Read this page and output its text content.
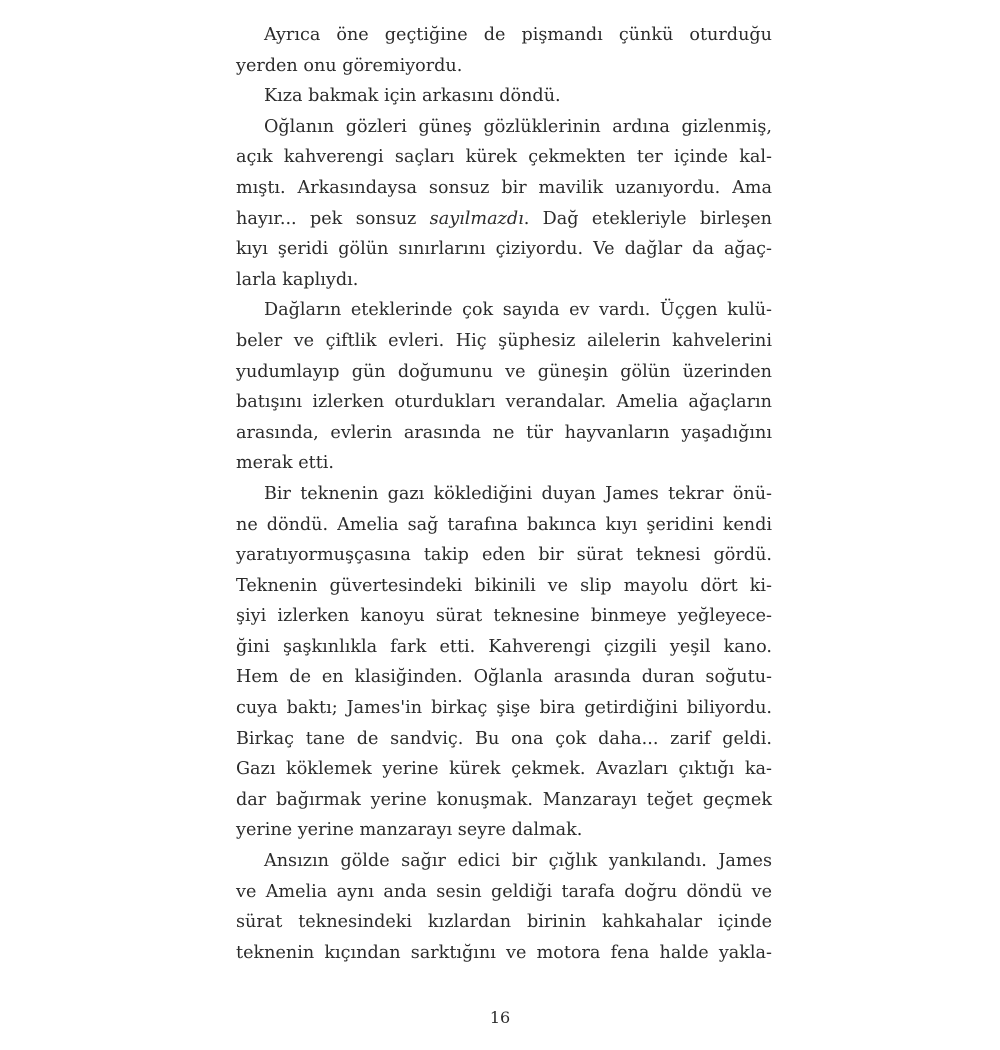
Ayrıca öne geçtiğine de pişmandı çünkü oturduğu
yerden onu göremiyordu.
Kıza bakmak için arkasını döndü.
Oğlanın gözleri güneş gözlüklerinin ardına gizlenmiş,
açık kahverengi saçları kürek çekmekten ter içinde kal-
mıştı. Arkasındaysa sonsuz bir mavilik uzanıyordu. Ama
hayır... pek sonsuz sayılmazdı. Dağ etekleriyle birleşen
kıyı şeridi gölün sınırlarını çiziyordu. Ve dağlar da ağaç-
larla kaplıydı.
Dağların eteklerinde çok sayıda ev vardı. Üçgen kulü-
beler ve çiftlik evleri. Hiç şüphesiz ailelerin kahvelerini
yudumlayıp gün doğumunu ve güneşin gölün üzerinden
batışını izlerken oturdukları verandalar. Amelia ağaçların
arasında, evlerin arasında ne tür hayvanların yaşadığını
merak etti.
Bir teknenin gazı köklediğini duyan James tekrar önü-
ne döndü. Amelia sağ tarafına bakınca kıyı şeridini kendi
yaratıyormuşçasına takip eden bir sürat teknesi gördü.
Teknenin güvertesindeki bikinili ve slip mayolu dört ki-
şiyi izlerken kanoyu sürat teknesine binmeye yeğleyece-
ğini şaşkınlıkla fark etti. Kahverengi çizgili yeşil kano.
Hem de en klasiğinden. Oğlanla arasında duran soğutu-
cuya baktı; James'in birkaç şişe bira getirdiğini biliyordu.
Birkaç tane de sandviç. Bu ona çok daha... zarif geldi.
Gazı köklemek yerine kürek çekmek. Avazları çıktığı ka-
dar bağırmak yerine konuşmak. Manzarayı teğet geçmek
yerine yerine manzarayı seyre dalmak.
Ansızın gölde sağır edici bir çığlık yankılandı. James
ve Amelia aynı anda sesin geldiği tarafa doğru döndü ve
sürat teknesindeki kızlardan birinin kahkahalar içinde
teknenin kıçından sarktığını ve motora fena halde yakla-
16
